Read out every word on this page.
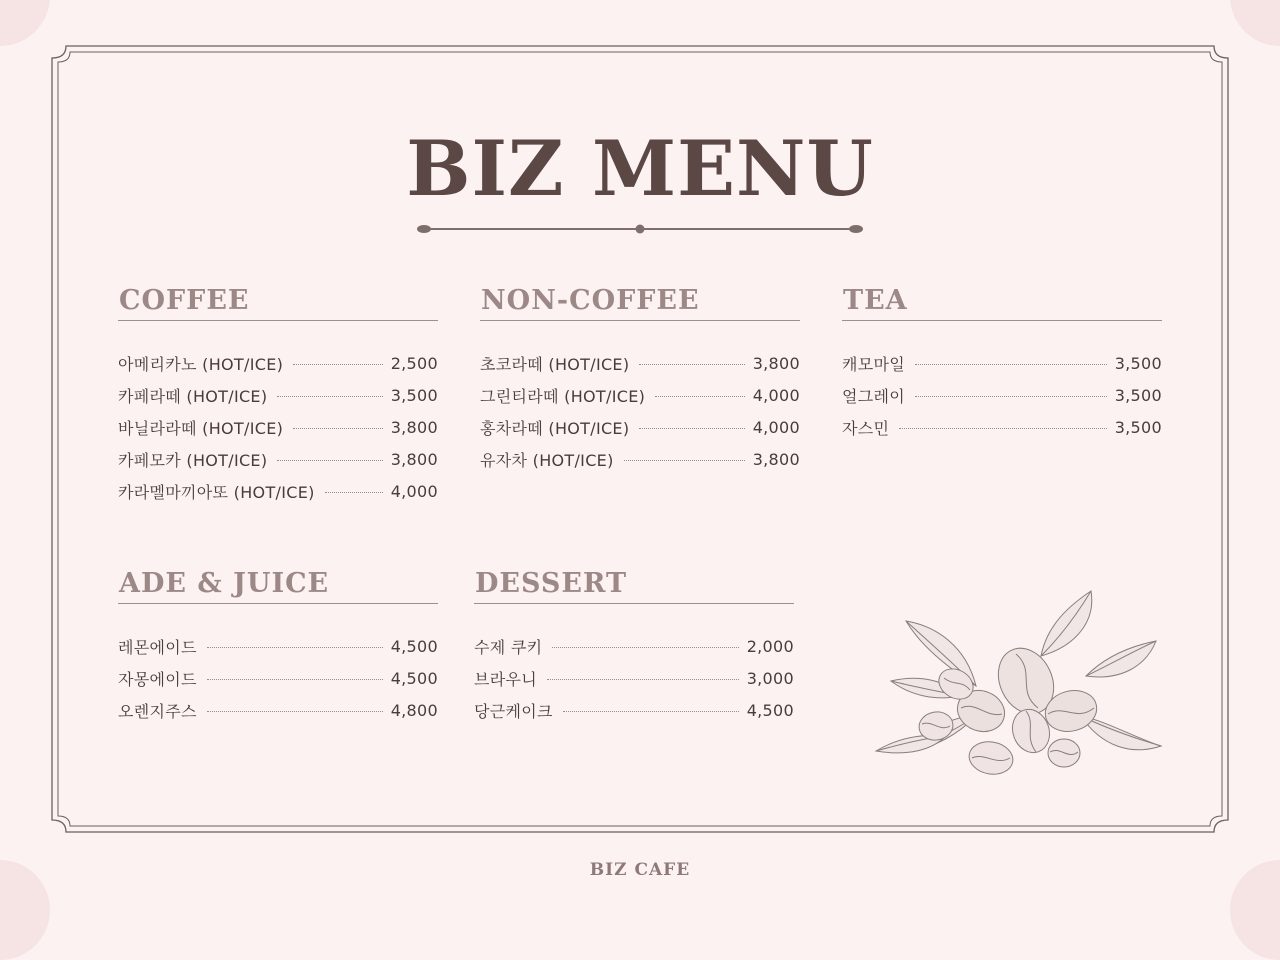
BIZ MENU
COFFEE
아메리카노 (HOT/ICE)	2,500
카페라떼 (HOT/ICE)	3,500
바닐라라떼 (HOT/ICE)	3,800
카페모카 (HOT/ICE)	3,800
카라멜마끼아또 (HOT/ICE)	4,000
NON-COFFEE
초코라떼 (HOT/ICE)	3,800
그린티라떼 (HOT/ICE)	4,000
홍차라떼 (HOT/ICE)	4,000
유자차 (HOT/ICE)	3,800
TEA
캐모마일	3,500
얼그레이	3,500
자스민	3,500
ADE & JUICE
레몬에이드	4,500
자몽에이드	4,500
오렌지주스	4,800
DESSERT
수제 쿠키	2,000
브라우니	3,000
당근케이크	4,500
BIZ CAFE
